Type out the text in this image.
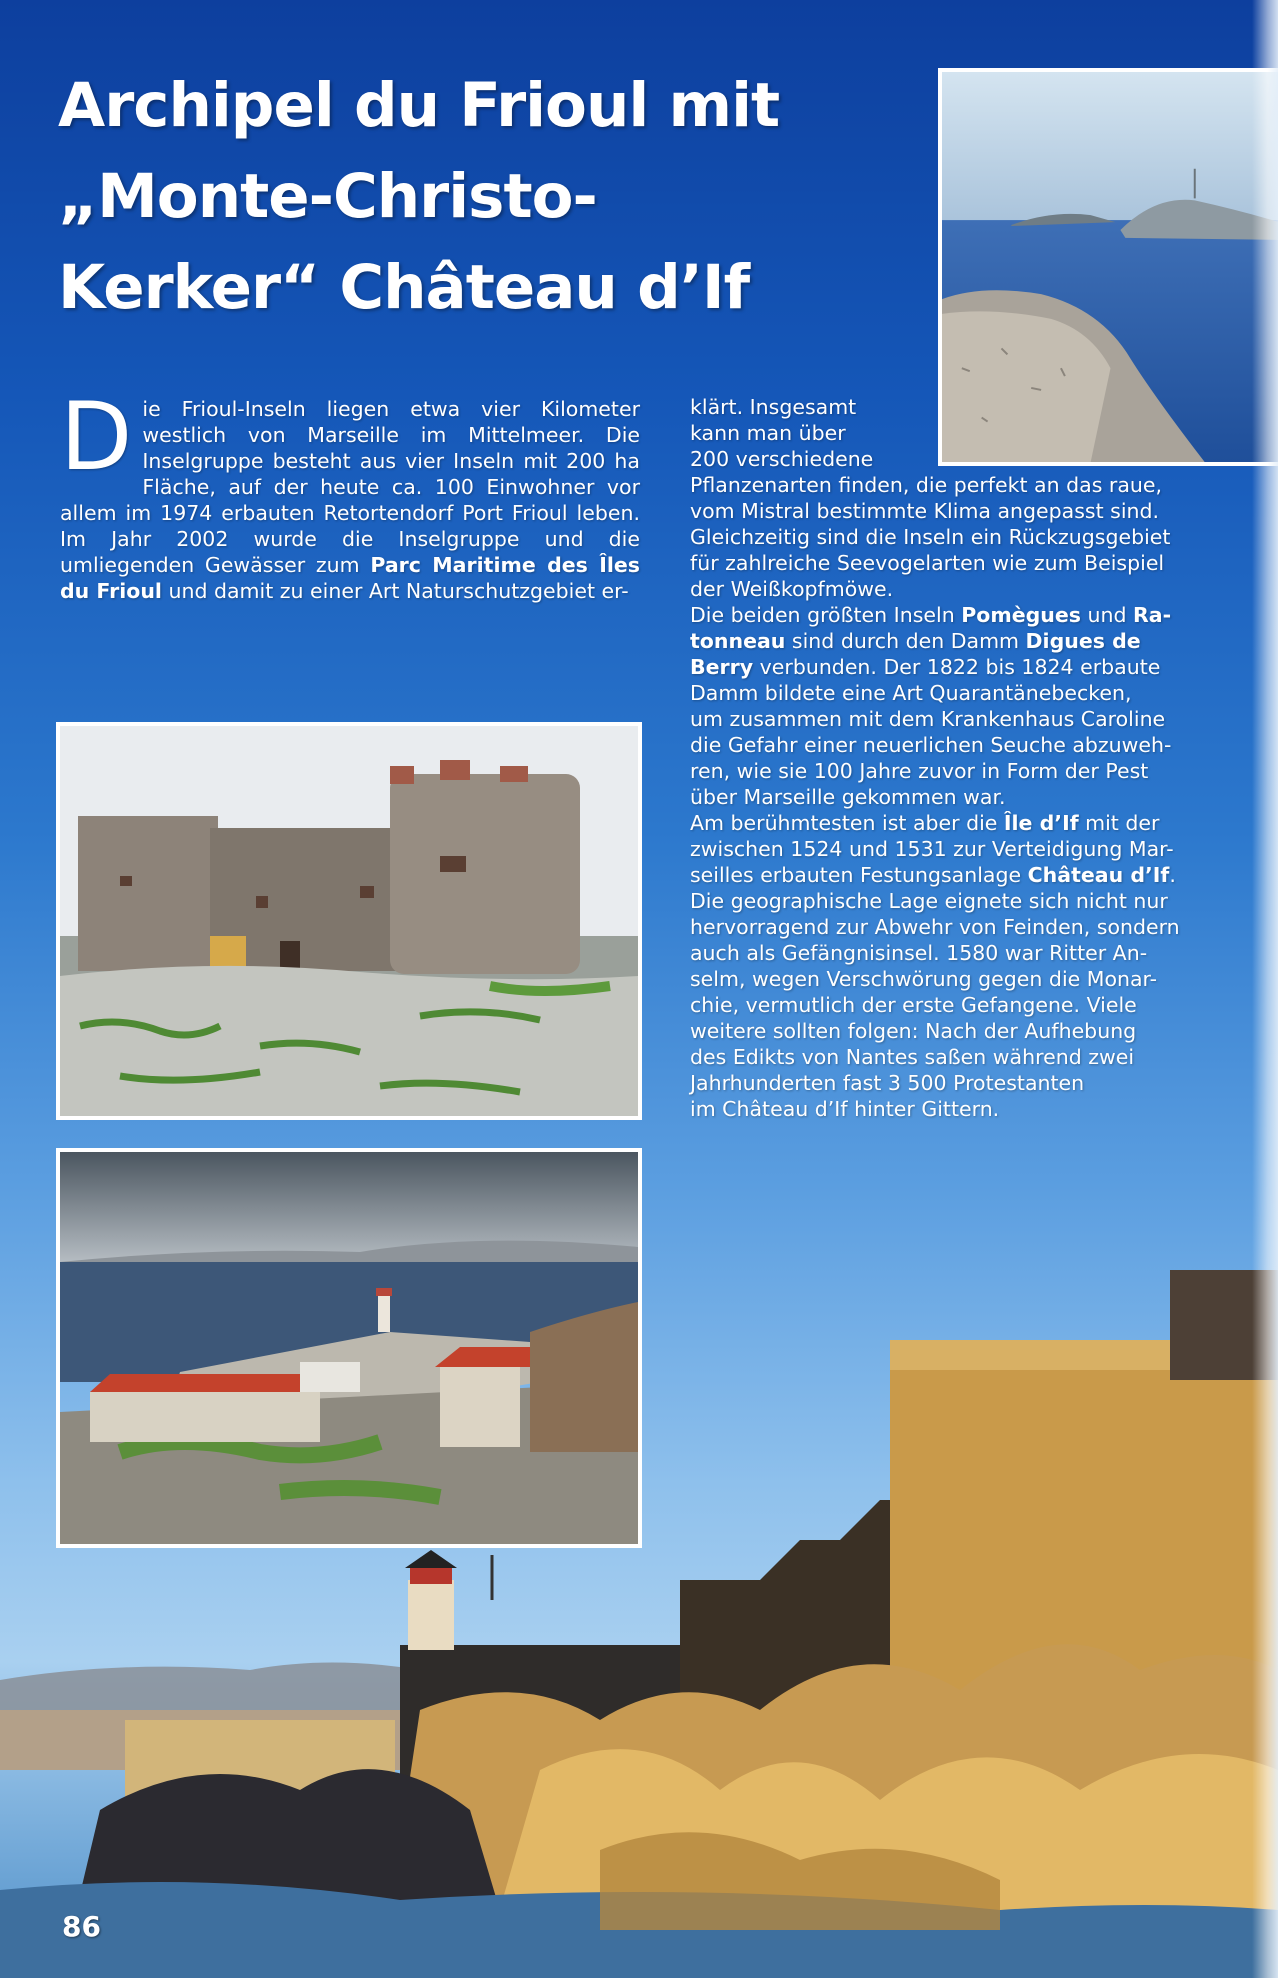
Archipel du Frioul mit
„Monte-Christo-
Kerker“ Château d’If
Die Frioul-Inseln liegen etwa vier Kilometer westlich von Marseille im Mittelmeer. Die Inselgruppe besteht aus vier Inseln mit 200 ha Fläche, auf der heute ca. 100 Einwohner vor allem im 1974 erbauten Retortendorf Port Frioul leben. Im Jahr 2002 wurde die Inselgruppe und die umliegenden Gewässer zum Parc Maritime des Îles du Frioul und damit zu einer Art Naturschutzgebiet er-

klärt. Insgesamt

kann man über

200 verschiedene

Pflanzenarten finden, die perfekt an das raue,

vom Mistral bestimmte Klima angepasst sind.

Gleichzeitig sind die Inseln ein Rückzugsgebiet

für zahlreiche Seevogelarten wie zum Beispiel

der Weißkopfmöwe.

Die beiden größten Inseln Pomègues und Ra-

tonneau sind durch den Damm Digues de

Berry verbunden. Der 1822 bis 1824 erbaute

Damm bildete eine Art Quarantänebecken,

um zusammen mit dem Krankenhaus Caroline

die Gefahr einer neuerlichen Seuche abzuweh-

ren, wie sie 100 Jahre zuvor in Form der Pest

über Marseille gekommen war.

Am berühmtesten ist aber die Île d’If mit der

zwischen 1524 und 1531 zur Verteidigung Mar-

seilles erbauten Festungsanlage Château d’If.

Die geographische Lage eignete sich nicht nur

hervorragend zur Abwehr von Feinden, sondern

auch als Gefängnisinsel. 1580 war Ritter An-

selm, wegen Verschwörung gegen die Monar-

chie, vermutlich der erste Gefangene. Viele

weitere sollten folgen: Nach der Aufhebung

des Edikts von Nantes saßen während zwei

Jahrhunderten fast 3 500 Protestanten

im Château d’If hinter Gittern.

86
